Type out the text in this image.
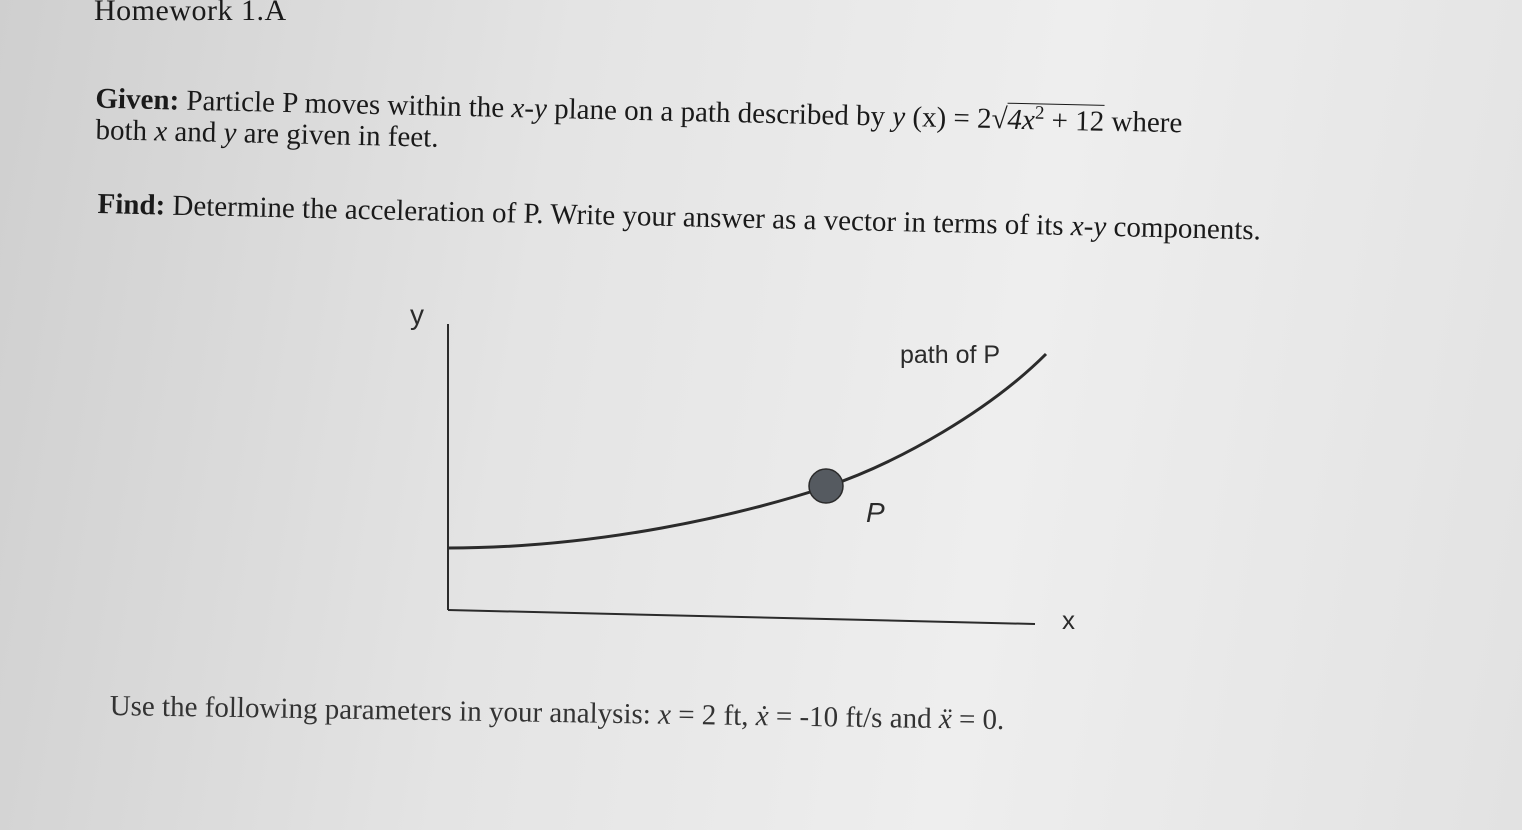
Homework 1.A
Given: Particle P moves within the x-y plane on a path described by y $(x) = 2√4x^2 + 12$ where
both x and y are given in feet.
Find: Determine the acceleration of P. Write your answer as a vector in terms of its x-y components.
y
x
path of P
P
Use the following parameters in your analysis: x = 2 ft, ẋ = -10 ft/s and ẍ = 0.
